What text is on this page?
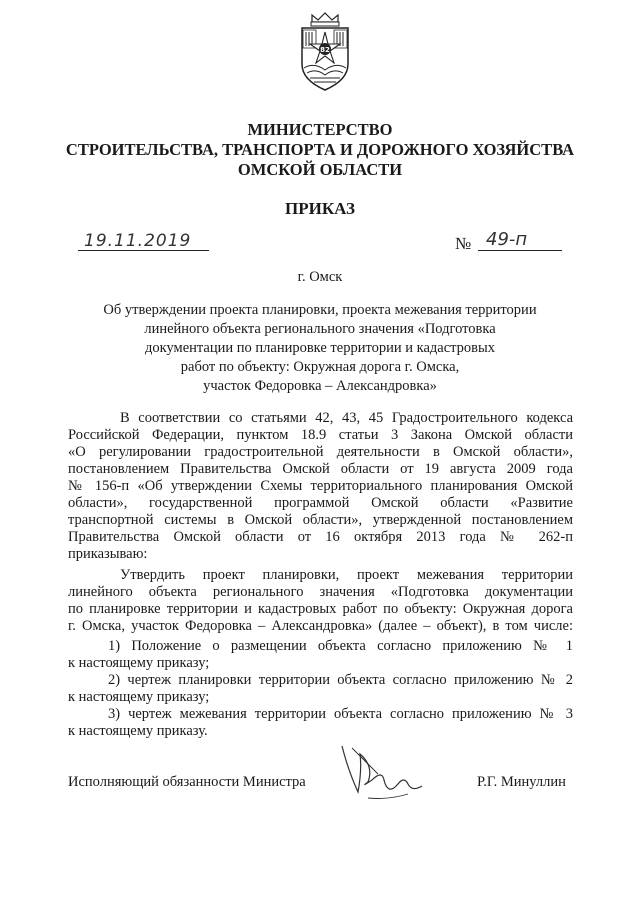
82
МИНИСТЕРСТВО
СТРОИТЕЛЬСТВА, ТРАНСПОРТА И ДОРОЖНОГО ХОЗЯЙСТВА
ОМСКОЙ ОБЛАСТИ
ПРИКАЗ
19.11.2019	№ 49-п
г. Омск
Об утверждении проекта планировки, проекта межевания территории
линейного объекта регионального значения «Подготовка
документации по планировке территории и кадастровых
работ по объекту: Окружная дорога г. Омска,
участок Федоровка – Александровка»
В соответствии со статьями 42, 43, 45 Градостроительного кодекса
Российской Федерации, пунктом 18.9 статьи 3 Закона Омской области
«О регулировании градостроительной деятельности в Омской области»,
постановлением Правительства Омской области от 19 августа 2009 года
№ 156-п «Об утверждении Схемы территориального планирования Омской
области», государственной программой Омской области «Развитие
транспортной системы в Омской области», утвержденной постановлением
Правительства Омской области от 16 октября 2013 года № 262-п
приказываю:
Утвердить проект планировки, проект межевания территории
линейного объекта регионального значения «Подготовка документации
по планировке территории и кадастровых работ по объекту: Окружная дорога
г. Омска, участок Федоровка – Александровка» (далее – объект), в том числе:
1) Положение о размещении объекта согласно приложению № 1
к настоящему приказу;
2) чертеж планировки территории объекта согласно приложению № 2
к настоящему приказу;
3) чертеж межевания территории объекта согласно приложению № 3
к настоящему приказу.
Исполняющий обязанности Министра	Р.Г. Минуллин
